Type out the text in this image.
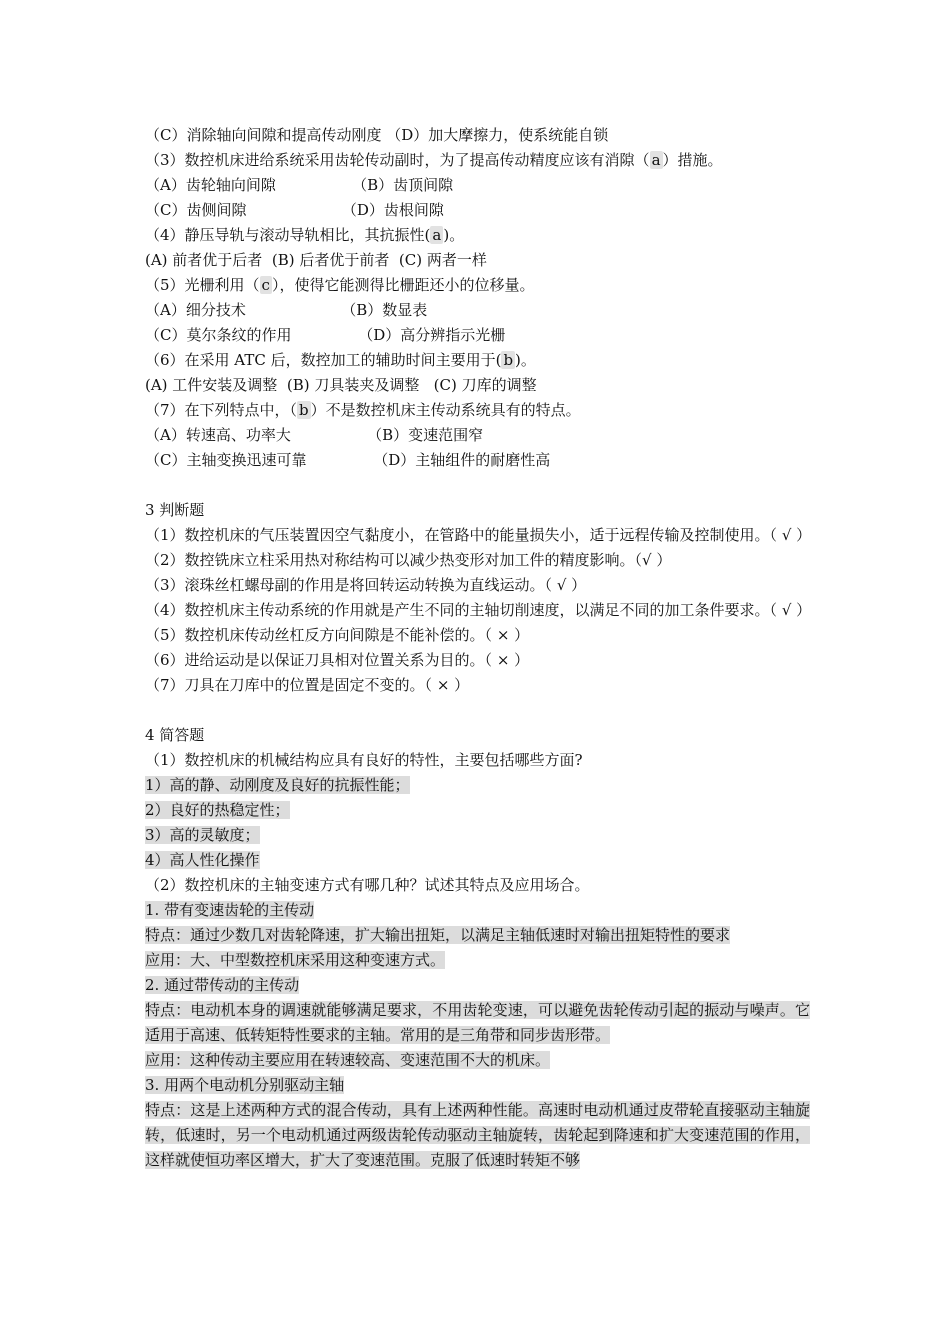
（C）消除轴向间隙和提高传动刚度 （D）加大摩擦力，使系统能自锁
（3）数控机床进给系统采用齿轮传动副时，为了提高传动精度应该有消隙（ a ）措施。
（A）齿轮轴向间隙                （B）齿顶间隙
（C）齿侧间隙                    （D）齿根间隙
（4）静压导轨与滚动导轨相比，其抗振性( a )。
(A) 前者优于后者  (B) 后者优于前者  (C) 两者一样
（5）光栅利用（ c ），使得它能测得比栅距还小的位移量。
（A）细分技术                    （B）数显表
（C）莫尔条纹的作用              （D）高分辨指示光栅
（6）在采用 ATC 后，数控加工的辅助时间主要用于( b )。
(A) 工件安装及调整  (B) 刀具装夹及调整   (C) 刀库的调整
（7）在下列特点中，（ b ）不是数控机床主传动系统具有的特点。
（A）转速高、功率大                （B）变速范围窄
（C）主轴变换迅速可靠              （D）主轴组件的耐磨性高
3 判断题
（1）数控机床的气压装置因空气黏度小，在管路中的能量损失小，适于远程传输及控制使用。（ √ ）
（2）数控铣床立柱采用热对称结构可以减少热变形对加工件的精度影响。（√ ）
（3）滚珠丝杠螺母副的作用是将回转运动转换为直线运动。（ √ ）
（4）数控机床主传动系统的作用就是产生不同的主轴切削速度，以满足不同的加工条件要求。（ √ ）
（5）数控机床传动丝杠反方向间隙是不能补偿的。（ × ）
（6）进给运动是以保证刀具相对位置关系为目的。（ × ）
（7）刀具在刀库中的位置是固定不变的。（ × ）
4 简答题
（1）数控机床的机械结构应具有良好的特性，主要包括哪些方面?
1）高的静、动刚度及良好的抗振性能；
2）良好的热稳定性；
3）高的灵敏度；
4）高人性化操作
（2）数控机床的主轴变速方式有哪几种？试述其特点及应用场合。
1. 带有变速齿轮的主传动
特点：通过少数几对齿轮降速，扩大输出扭矩，以满足主轴低速时对输出扭矩特性的要求
应用：大、中型数控机床采用这种变速方式。
2. 通过带传动的主传动
特点：电动机本身的调速就能够满足要求，不用齿轮变速，可以避免齿轮传动引起的振动与噪声。它适用于高速、低转矩特性要求的主轴。常用的是三角带和同步齿形带。
应用：这种传动主要应用在转速较高、变速范围不大的机床。
3. 用两个电动机分别驱动主轴
特点：这是上述两种方式的混合传动，具有上述两种性能。高速时电动机通过皮带轮直接驱动主轴旋转，低速时，另一个电动机通过两级齿轮传动驱动主轴旋转，齿轮起到降速和扩大变速范围的作用，这样就使恒功率区增大，扩大了变速范围。克服了低速时转矩不够
